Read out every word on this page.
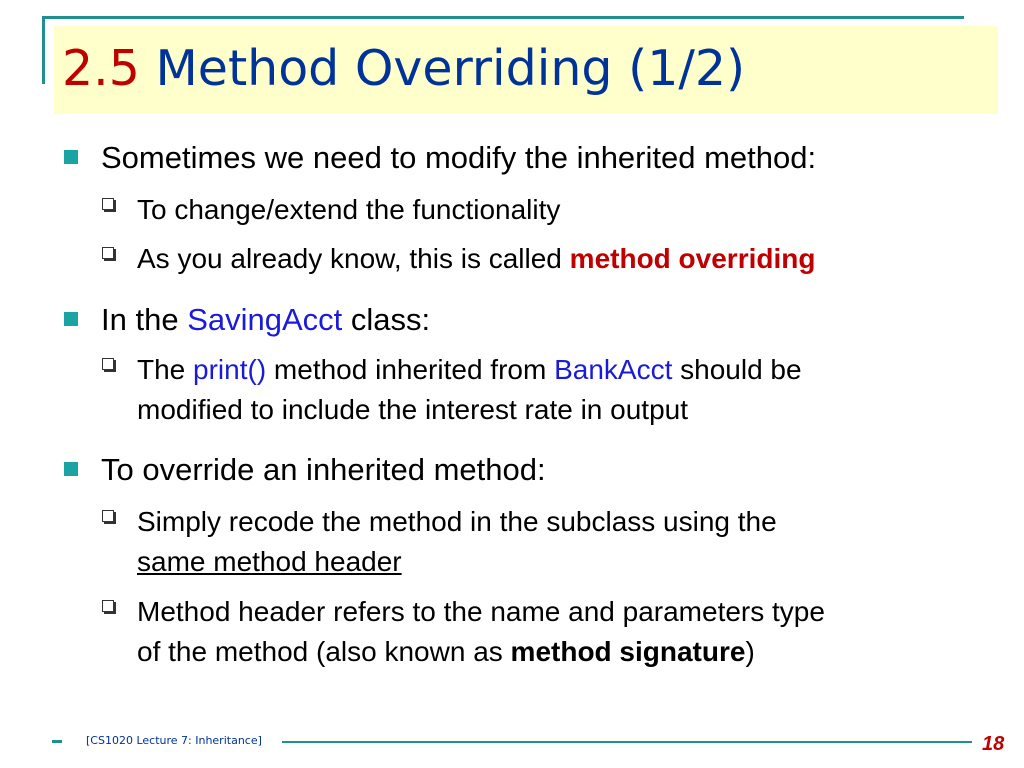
2.5 Method Overriding (1/2)
Sometimes we need to modify the inherited method:
To change/extend the functionality
As you already know, this is called method overriding
In the SavingAcct class:
The print() method inherited from BankAcct should be
modified to include the interest rate in output
To override an inherited method:
Simply recode the method in the subclass using the
same method header
Method header refers to the name and parameters type
of the method (also known as method signature)
[CS1020 Lecture 7: Inheritance]	18
